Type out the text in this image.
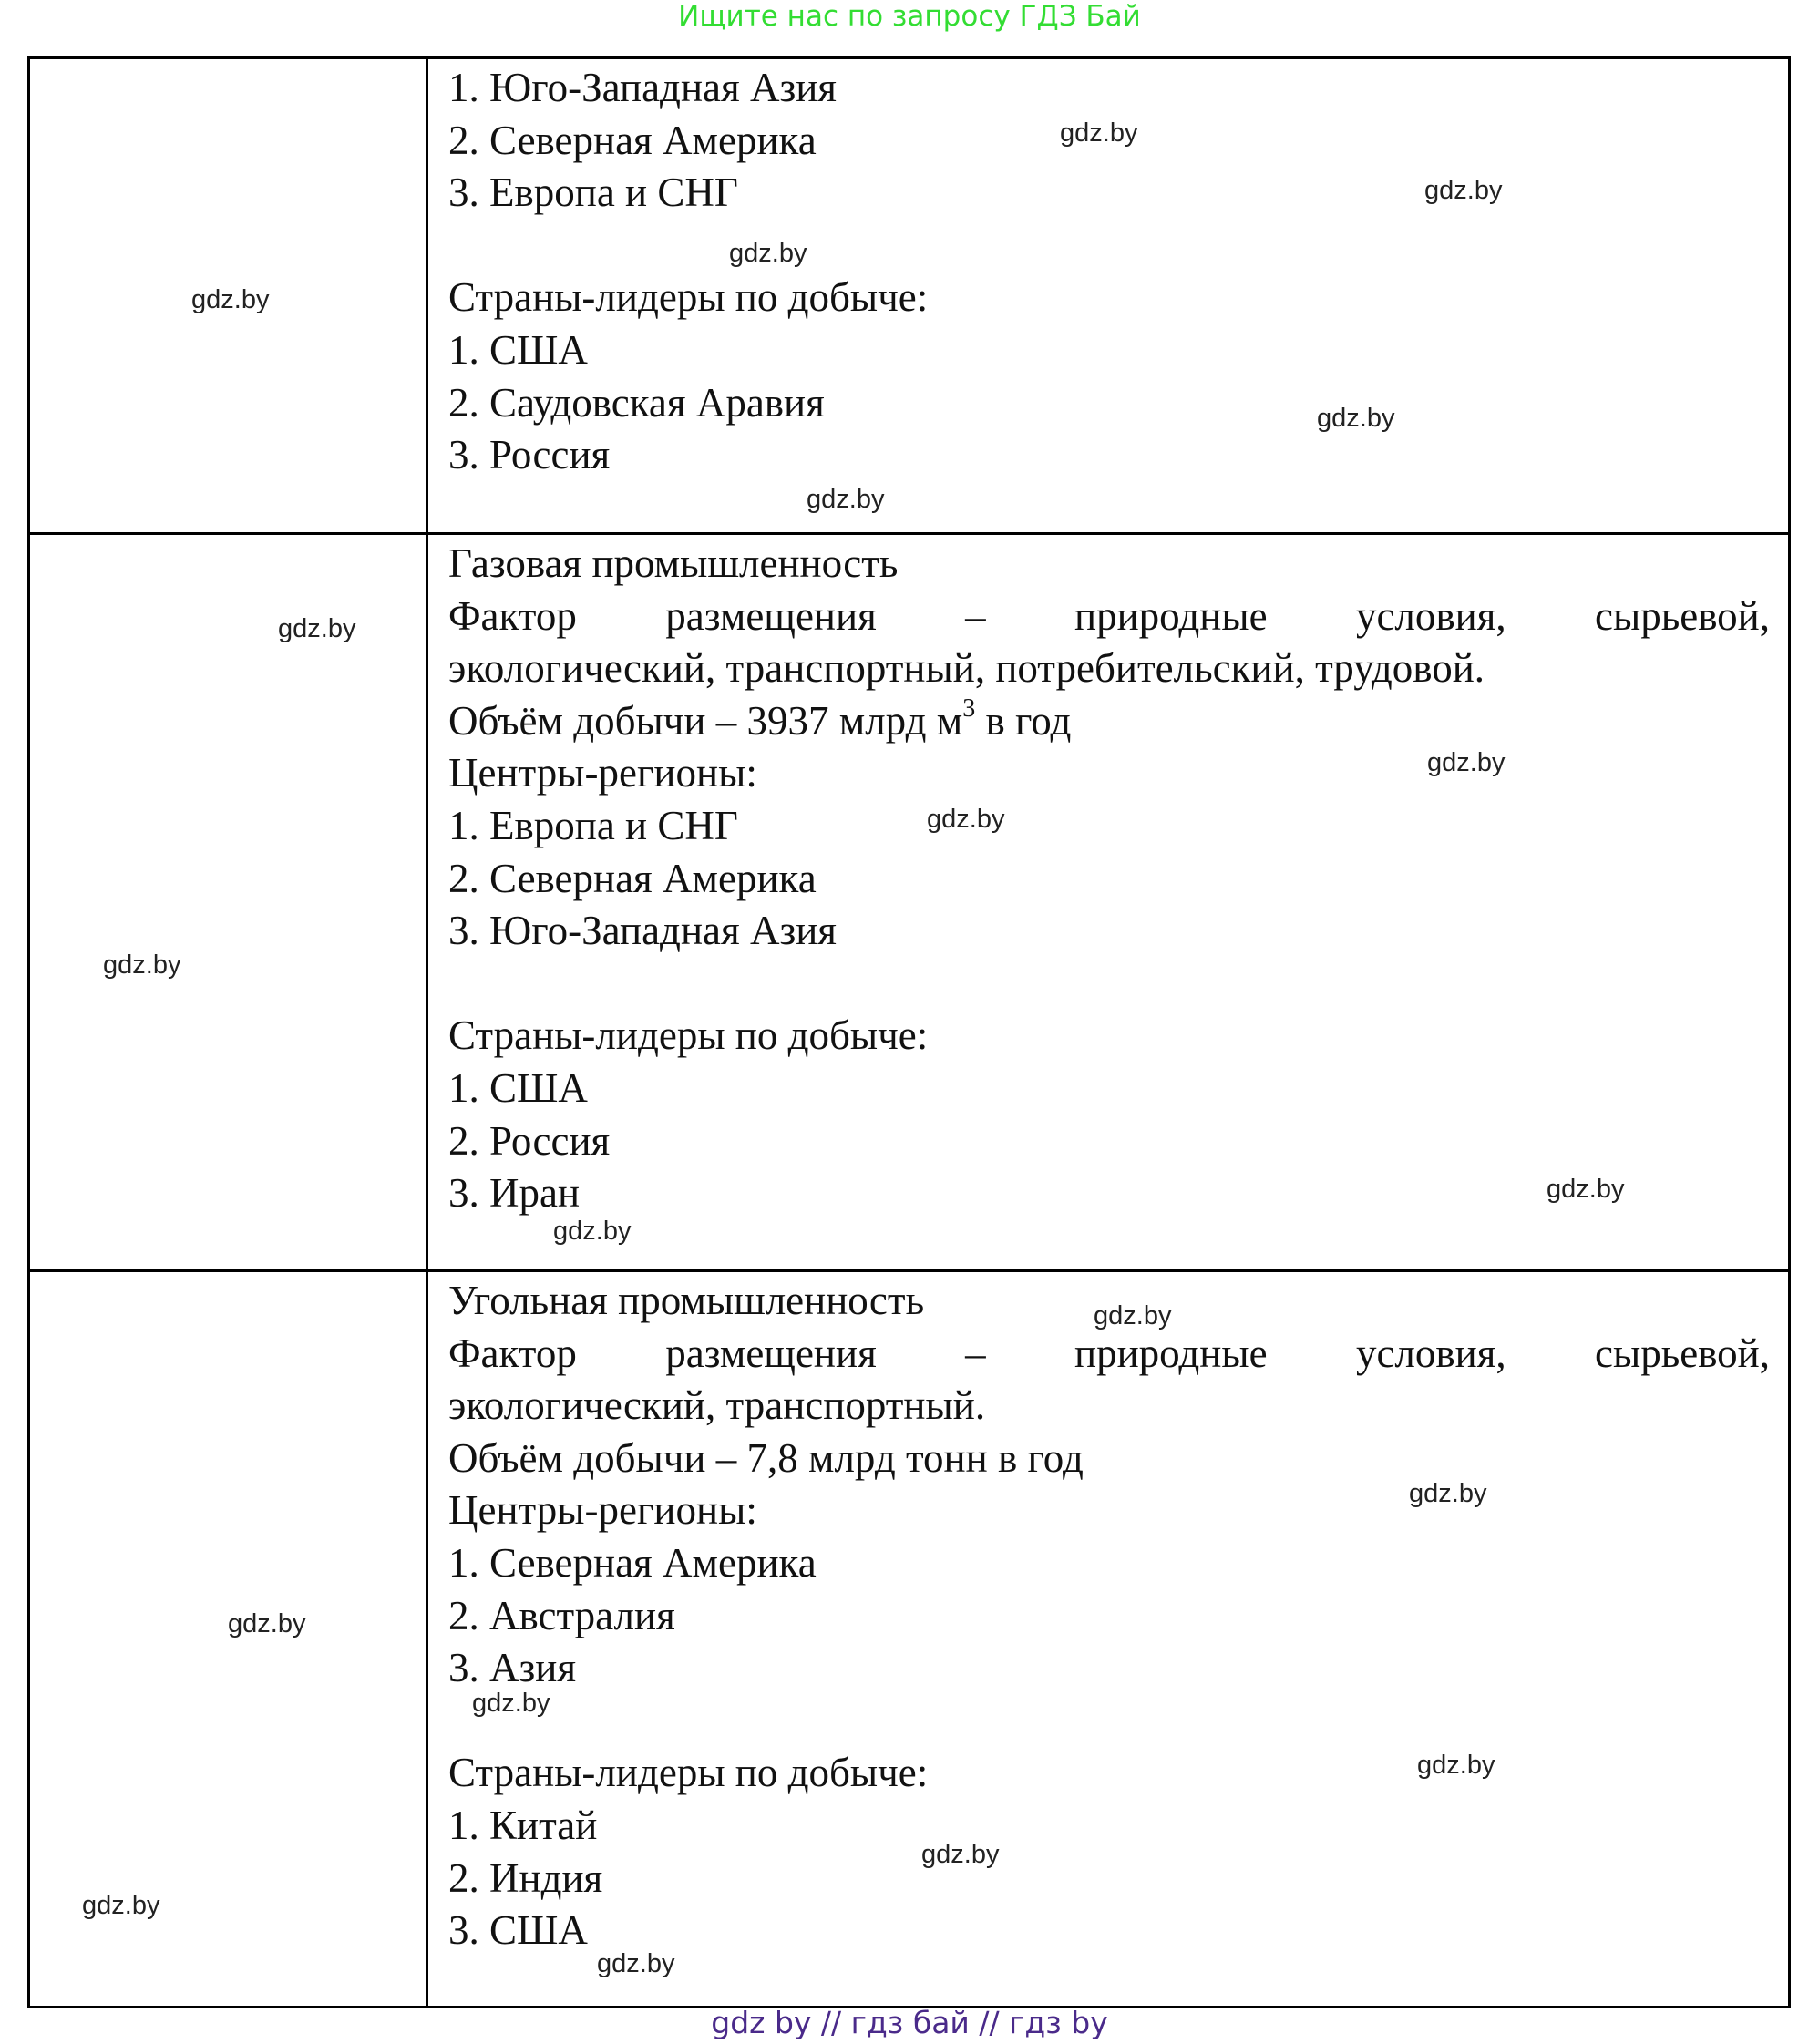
Ищите нас по запросу ГДЗ Бай
1. Юго-Западная Азия
2. Северная Америка
3. Европа и СНГ
Страны-лидеры по добыче:
1. США
2. Саудовская Аравия
3. Россия
Газовая промышленность
Фактор размещения – природные условия, сырьевой,
экологический, транспортный, потребительский, трудовой.
Объём добычи – 3937 млрд $м^3$ в год
Центры-регионы:
1. Европа и СНГ
2. Северная Америка
3. Юго-Западная Азия
Страны-лидеры по добыче:
1. США
2. Россия
3. Иран
Угольная промышленность
Фактор размещения – природные условия, сырьевой,
экологический, транспортный.
Объём добычи – 7,8 млрд тонн в год
Центры-регионы:
1. Северная Америка
2. Австралия
3. Азия
Страны-лидеры по добыче:
1. Китай
2. Индия
3. США
gdz.by
gdz.by
gdz.by
gdz.by
gdz.by
gdz.by
gdz.by
gdz.by
gdz.by
gdz.by
gdz.by
gdz.by
gdz.by
gdz.by
gdz.by
gdz.by
gdz.by
gdz.by
gdz.by
gdz.by
gdz by // гдз бай // гдз by
